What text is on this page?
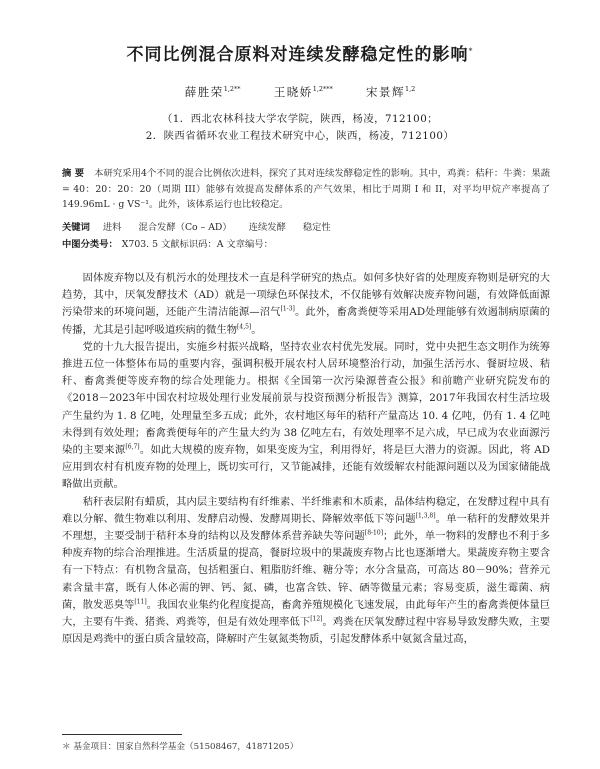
不同比例混合原料对连续发酵稳定性的影响*
薛胜荣$^{1,2**}$	王晓娇$^{1,2***}$	宋景辉$^{1,2}$
（1．西北农林科技大学农学院，陕西，杨凌，712100；
2．陕西省循环农业工程技术研究中心，陕西，杨凌，712100）
摘 要 本研究采用4个不同的混合比例依次进料，探究了其对连续发酵稳定性的影响。其中，鸡粪：秸秆：牛粪：果蔬 = 40：20：20：20（周期 III）能够有效提高发酵体系的产气效果，相比于周期 I 和 II，对平均甲烷产率提高了 149.96mL · g VS⁻¹。此外，该体系运行也比较稳定。
关键词 进料 混合发酵（Co – AD） 连续发酵 稳定性
中图分类号： X703. 5 文献标识码：A 文章编号：

固体废弃物以及有机污水的处理技术一直是科学研究的热点。如何多快好省的处理废弃物则是研究的大趋势，其中，厌氧发酵技术（AD）就是一项绿色环保技术，不仅能够有效解决废弃物问题，有效降低面源污染带来的环境问题，还能产生清洁能源—沼气[1-3]。此外，畜禽粪便等采用AD处理能够有效遏制病原菌的传播，尤其是引起呼吸道疾病的微生物[4,5]。

党的十九大报告提出，实施乡村振兴战略，坚持农业农村优先发展。同时，党中央把生态文明作为统筹推进五位一体整体布局的重要内容，强调积极开展农村人居环境整治行动，加强生活污水、餐厨垃圾、秸秆、畜禽粪便等废弃物的综合处理能力。根据《全国第一次污染源普查公报》和前瞻产业研究院发布的《2018－2023年中国农村垃圾处理行业发展前景与投资预测分析报告》测算，2017年我国农村生活垃圾产生量约为 1. 8 亿吨，处理量至多五成；此外，农村地区每年的秸秆产量高达 10. 4 亿吨，仍有 1. 4 亿吨未得到有效处理；畜禽粪便每年的产生量大约为 38 亿吨左右，有效处理率不足六成，早已成为农业面源污染的主要来源[6,7]。如此大规模的废弃物，如果变废为宝，利用得好，将是巨大潜力的资源。因此，将 AD 应用到农村有机废弃物的处理上，既切实可行，又节能减排，还能有效缓解农村能源问题以及为国家储能战略做出贡献。

秸秆表层附有蜡质，其内层主要结构有纤维素、半纤维素和木质素，晶体结构稳定，在发酵过程中具有难以分解、微生物难以利用、发酵启动慢、发酵周期长、降解效率低下等问题[1,3,8]。单一秸秆的发酵效果并不理想，主要受制于秸秆本身的结构以及发酵体系营养缺失等问题[8-10]；此外，单一物料的发酵也不利于多种废弃物的综合治理推进。生活质量的提高，餐厨垃圾中的果蔬废弃物占比也逐渐增大。果蔬废弃物主要含有一下特点：有机物含量高，包括粗蛋白、粗脂肪纤维、糖分等；水分含量高，可高达 80－90%；营养元素含量丰富，既有人体必需的钾、钙、氮、磷，也富含铁、锌、硒等微量元素；容易变质，滋生霉菌、病菌，散发恶臭等[11]。我国农业集约化程度提高，畜禽养殖规模化飞速发展，由此每年产生的畜禽粪便体量巨大，主要有牛粪、猪粪、鸡粪等，但是有效处理率低下[12]。鸡粪在厌氧发酵过程中容易导致发酵失败，主要原因是鸡粪中的蛋白质含量较高，降解时产生氨氮类物质，引起发酵体系中氨氮含量过高，

＊ 基金项目：国家自然科学基金（51508467，41871205）
